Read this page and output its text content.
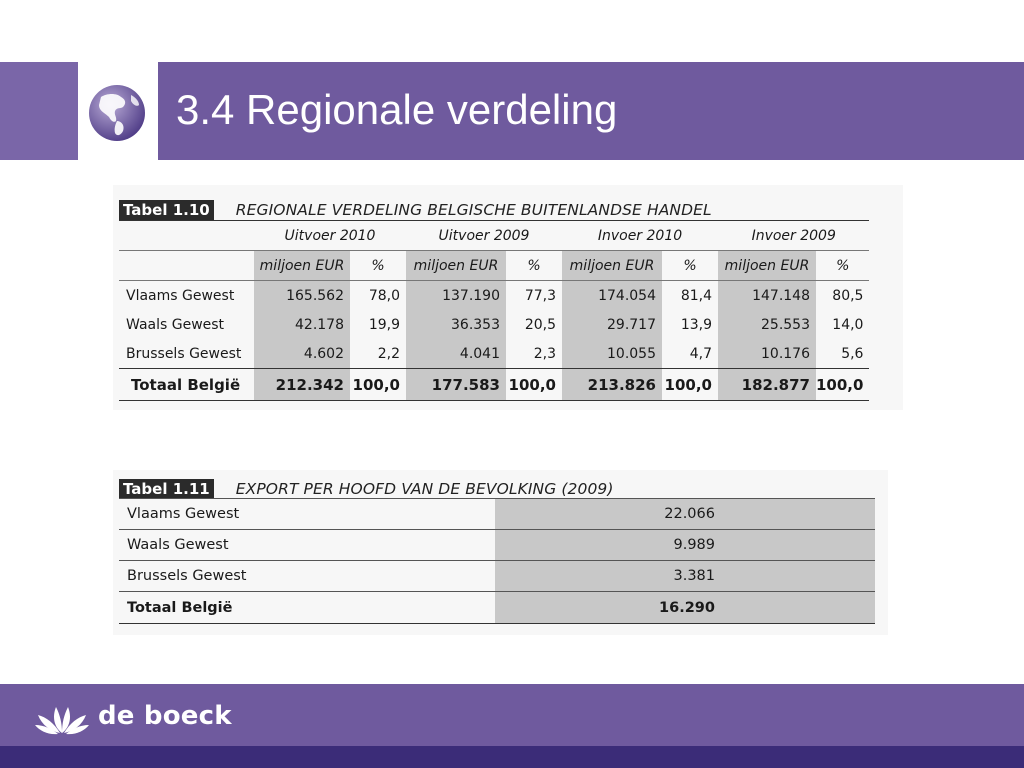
3.4 Regionale verdeling
Tabel 1.10 REGIONALE VERDELING BELGISCHE BUITENLANDSE HANDEL
	Uitvoer 2010		Uitvoer 2009		Invoer 2010		Invoer 2009	
	miljoen EUR	%	miljoen EUR	%	miljoen EUR	%	miljoen EUR	%
Vlaams Gewest	165.562	78,0	137.190	77,3	174.054	81,4	147.148	80,5
Waals Gewest	42.178	19,9	36.353	20,5	29.717	13,9	25.553	14,0
Brussels Gewest	4.602	2,2	4.041	2,3	10.055	4,7	10.176	5,6
Totaal België	212.342	100,0	177.583	100,0	213.826	100,0	182.877	100,0
Tabel 1.11 EXPORT PER HOOFD VAN DE BEVOLKING (2009)
Vlaams Gewest	22.066
Waals Gewest	9.989
Brussels Gewest	3.381
Totaal België	16.290
de boeck
